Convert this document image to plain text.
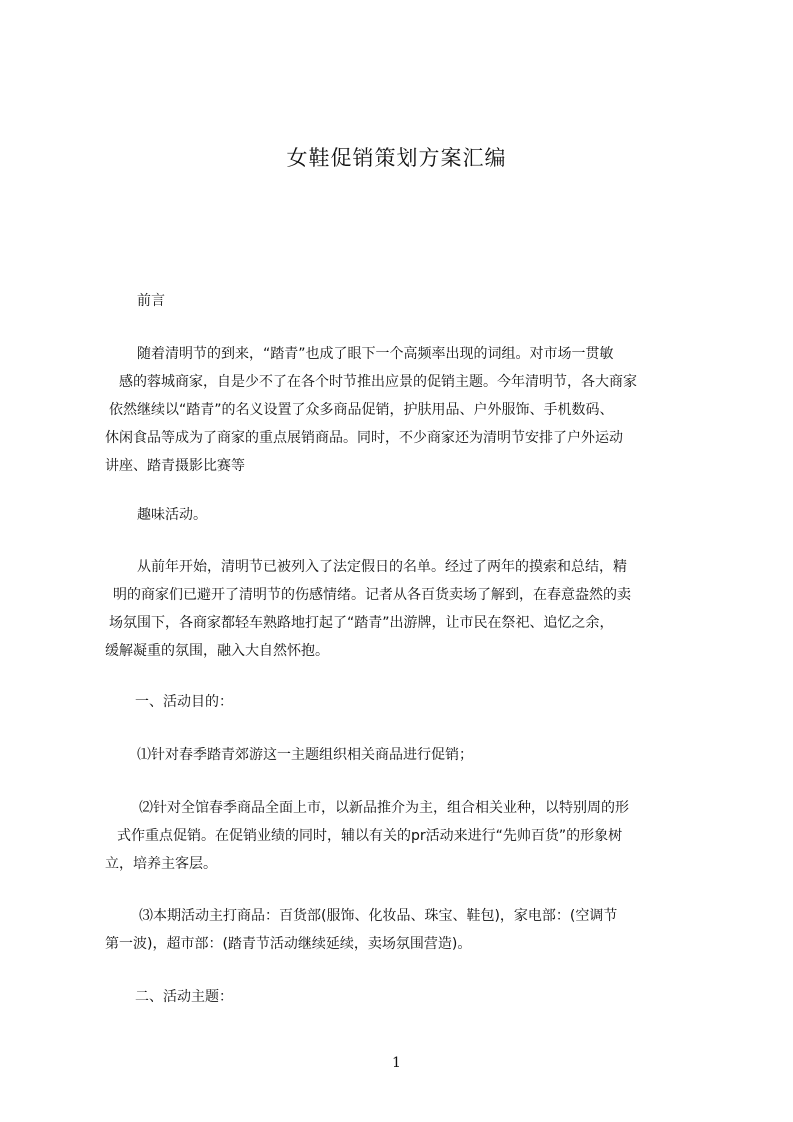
女鞋促销策划方案汇编

前言

随着清明节的到来，“踏青”也成了眼下一个高频率出现的词组。对市场一贯敏
感的蓉城商家，自是少不了在各个时节推出应景的促销主题。今年清明节，各大商家
依然继续以“踏青”的名义设置了众多商品促销，护肤用品、户外服饰、手机数码、
休闲食品等成为了商家的重点展销商品。同时，不少商家还为清明节安排了户外运动
讲座、踏青摄影比赛等

趣味活动。

从前年开始，清明节已被列入了法定假日的名单。经过了两年的摸索和总结，精
明的商家们已避开了清明节的伤感情绪。记者从各百货卖场了解到，在春意盎然的卖
场氛围下，各商家都轻车熟路地打起了“踏青”出游牌，让市民在祭祀、追忆之余，
缓解凝重的氛围，融入大自然怀抱。

一、活动目的：

⑴针对春季踏青郊游这一主题组织相关商品进行促销；

⑵针对全馆春季商品全面上市，以新品推介为主，组合相关业种，以特别周的形
式作重点促销。在促销业绩的同时，辅以有关的pr活动来进行“先帅百货”的形象树
立，培养主客层。
⑶本期活动主打商品：百货部(服饰、化妆品、珠宝、鞋包)，家电部：(空调节
第一波)，超市部：(踏青节活动继续延续，卖场氛围营造)。

二、活动主题：

1
